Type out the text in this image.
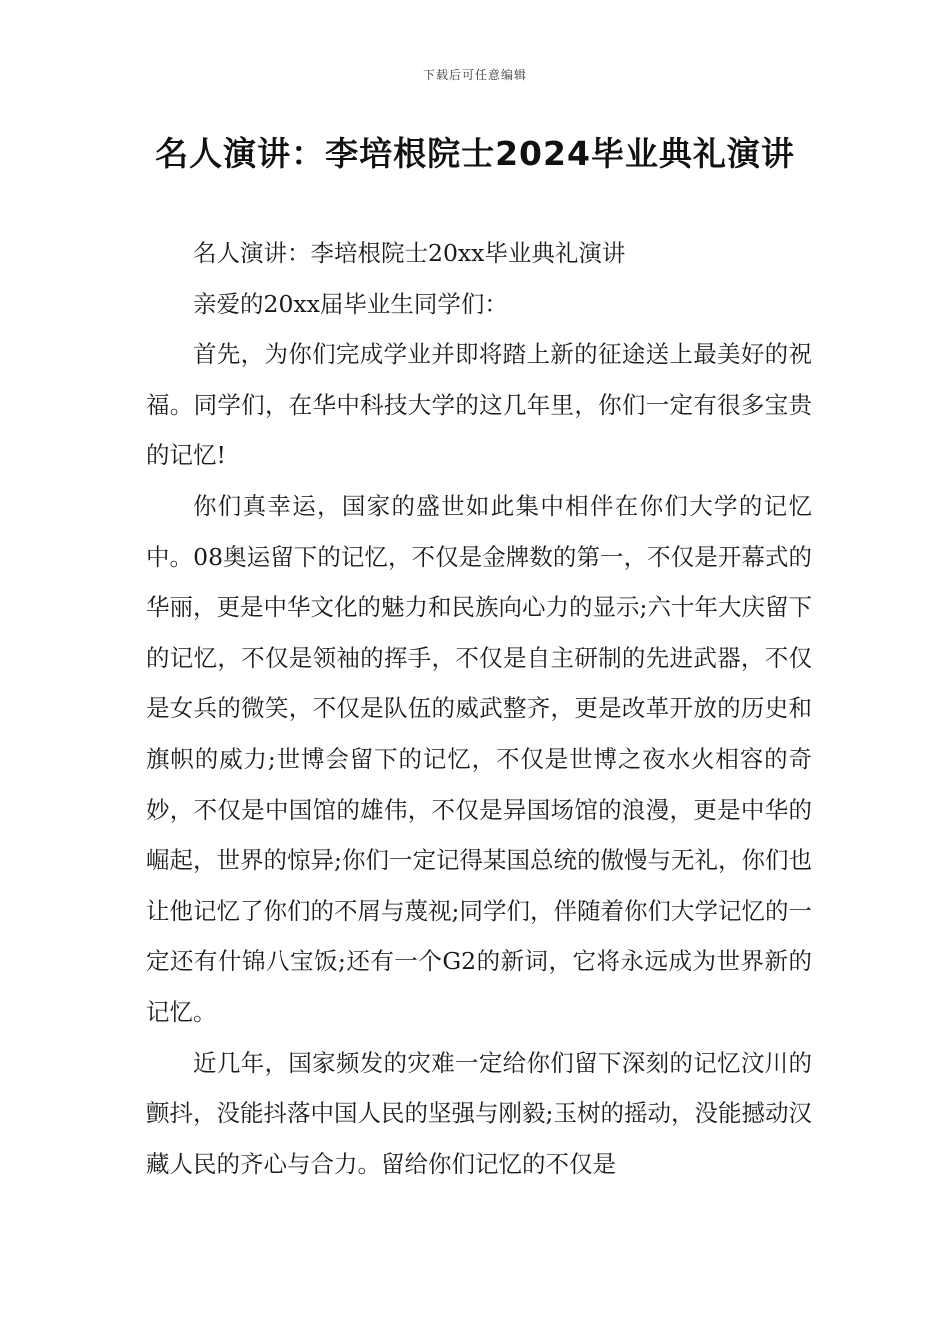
下载后可任意编辑
名人演讲：李培根院士2024毕业典礼演讲

名人演讲：李培根院士20xx毕业典礼演讲

亲爱的20xx届毕业生同学们：

首先，为你们完成学业并即将踏上新的征途送上最美好的祝福。同学们，在华中科技大学的这几年里，你们一定有很多宝贵的记忆!

你们真幸运，国家的盛世如此集中相伴在你们大学的记忆中。08奥运留下的记忆，不仅是金牌数的第一，不仅是开幕式的华丽，更是中华文化的魅力和民族向心力的显示;六十年大庆留下的记忆，不仅是领袖的挥手，不仅是自主研制的先进武器，不仅是女兵的微笑，不仅是队伍的威武整齐，更是改革开放的历史和旗帜的威力;世博会留下的记忆，不仅是世博之夜水火相容的奇妙，不仅是中国馆的雄伟，不仅是异国场馆的浪漫，更是中华的崛起，世界的惊异;你们一定记得某国总统的傲慢与无礼，你们也让他记忆了你们的不屑与蔑视;同学们，伴随着你们大学记忆的一定还有什锦八宝饭;还有一个G2的新词，它将永远成为世界新的记忆。

近几年，国家频发的灾难一定给你们留下深刻的记忆汶川的颤抖，没能抖落中国人民的坚强与刚毅;玉树的摇动，没能撼动汉藏人民的齐心与合力。留给你们记忆的不仅是
